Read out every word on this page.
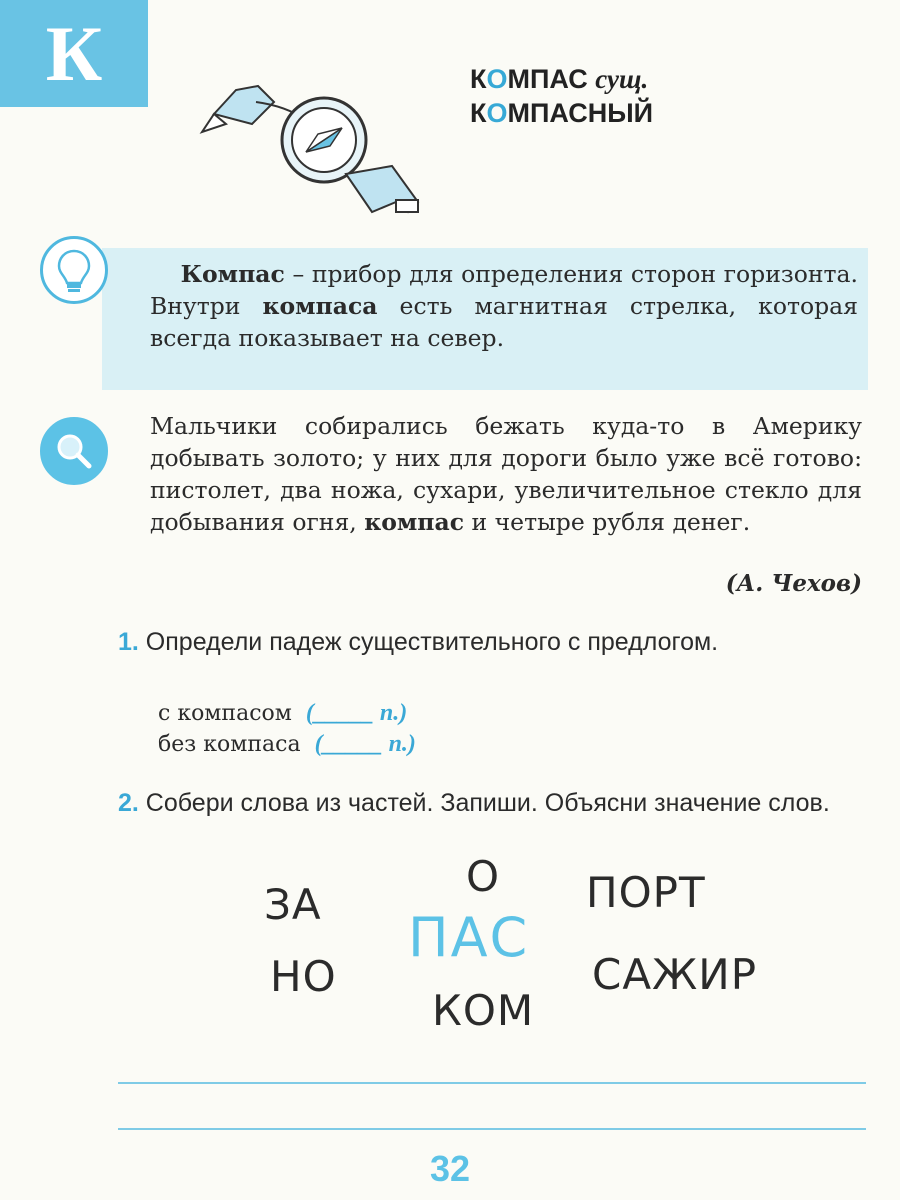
К	КОМПАС сущ.
КОМПАСНЫЙ

Компас – прибор для определения сторон горизонта. Внутри компаса есть магнитная стрелка, которая всегда показывает на север.

Мальчики собирались бежать куда-то в Америку добывать золото; у них для дороги было уже всё готово: пистолет, два ножа, сухари, увеличительное стекло для добывания огня, компас и четыре рубля денег.

(А. Чехов)
1. Определи падеж существительного с предлогом.
с компасом (_____ п.)
без компаса (_____ п.)
2. Собери слова из частей. Запиши. Объясни значение слов.
ЗА
О ПОРТ
НО
ПАС
САЖИР
КОМ
32
